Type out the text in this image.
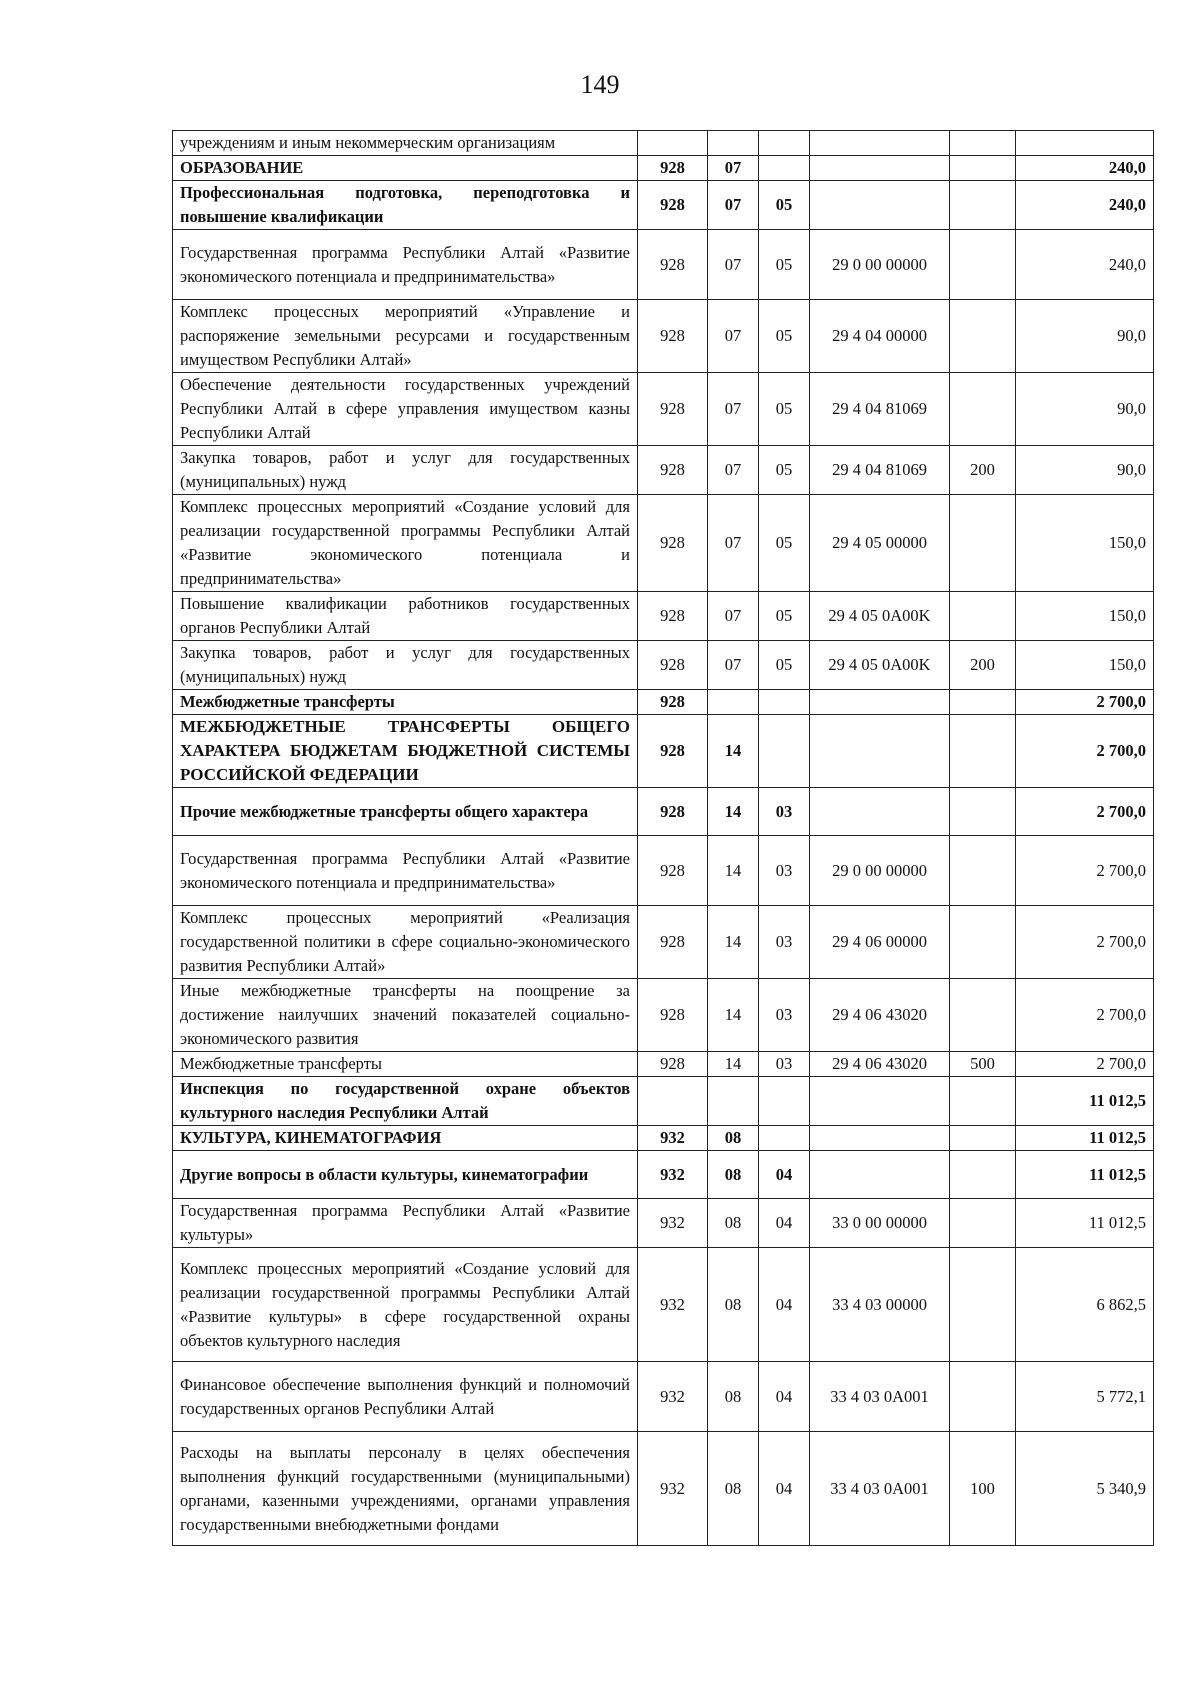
149
учреждениям и иным некоммерческим организациям						
ОБРАЗОВАНИЕ	928	07				240,0
Профессиональная подготовка, переподготовка и повышение квалификации	928	07	05			240,0
Государственная программа Республики Алтай «Развитие экономического потенциала и предпринимательства»	928	07	05	29 0 00 00000		240,0
Комплекс процессных мероприятий «Управление и распоряжение земельными ресурсами и государственным имуществом Республики Алтай»	928	07	05	29 4 04 00000		90,0
Обеспечение деятельности государственных учреждений Республики Алтай в сфере управления имуществом казны Республики Алтай	928	07	05	29 4 04 81069		90,0
Закупка товаров, работ и услуг для государственных (муниципальных) нужд	928	07	05	29 4 04 81069	200	90,0
Комплекс процессных мероприятий «Создание условий для реализации государственной программы Республики Алтай «Развитие экономического потенциала и предпринимательства»	928	07	05	29 4 05 00000		150,0
Повышение квалификации работников государственных органов Республики Алтай	928	07	05	29 4 05 0A00K		150,0
Закупка товаров, работ и услуг для государственных (муниципальных) нужд	928	07	05	29 4 05 0A00K	200	150,0
Межбюджетные трансферты	928					2 700,0
МЕЖБЮДЖЕТНЫЕ ТРАНСФЕРТЫ ОБЩЕГО ХАРАКТЕРА БЮДЖЕТАМ БЮДЖЕТНОЙ СИСТЕМЫ РОССИЙСКОЙ ФЕДЕРАЦИИ	928	14				2 700,0
Прочие межбюджетные трансферты общего характера	928	14	03			2 700,0
Государственная программа Республики Алтай «Развитие экономического потенциала и предпринимательства»	928	14	03	29 0 00 00000		2 700,0
Комплекс процессных мероприятий «Реализация государственной политики в сфере социально-экономического развития Республики Алтай»	928	14	03	29 4 06 00000		2 700,0
Иные межбюджетные трансферты на поощрение за достижение наилучших значений показателей социально-экономического развития	928	14	03	29 4 06 43020		2 700,0
Межбюджетные трансферты	928	14	03	29 4 06 43020	500	2 700,0
Инспекция по государственной охране объектов культурного наследия Республики Алтай						11 012,5
КУЛЬТУРА, КИНЕМАТОГРАФИЯ	932	08				11 012,5
Другие вопросы в области культуры, кинематографии	932	08	04			11 012,5
Государственная программа Республики Алтай «Развитие культуры»	932	08	04	33 0 00 00000		11 012,5
Комплекс процессных мероприятий «Создание условий для реализации государственной программы Республики Алтай «Развитие культуры» в сфере государственной охраны объектов культурного наследия	932	08	04	33 4 03 00000		6 862,5
Финансовое обеспечение выполнения функций и полномочий государственных органов Республики Алтай	932	08	04	33 4 03 0A001		5 772,1
Расходы на выплаты персоналу в целях обеспечения выполнения функций государственными (муниципальными) органами, казенными учреждениями, органами управления государственными внебюджетными фондами	932	08	04	33 4 03 0A001	100	5 340,9
